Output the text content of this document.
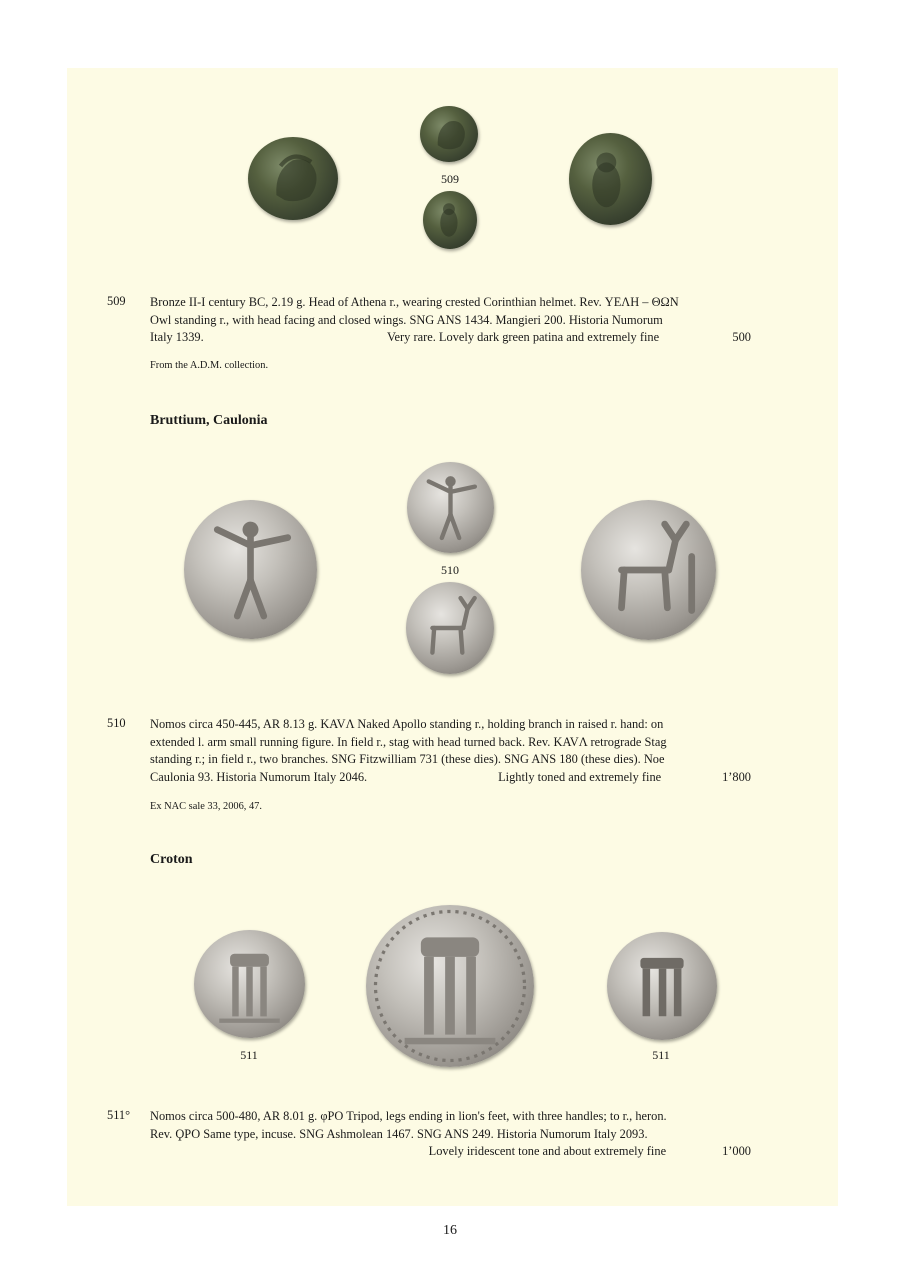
509
509 Bronze II-I century BC, 2.19 g. Head of Athena r., wearing crested Corinthian helmet. Rev. ΥΕΛΗ – ΘΩΝ
Owl standing r., with head facing and closed wings. SNG ANS 1434. Mangieri 200. Historia Numorum
Italy 1339.	Very rare. Lovely dark green patina and extremely fine	500
From the A.D.M. collection.
Bruttium, Caulonia
510
510 Nomos circa 450-445, AR 8.13 g. KAVΛ Naked Apollo standing r., holding branch in raised r. hand: on
extended l. arm small running figure. In field r., stag with head turned back. Rev. KAVΛ retrograde Stag
standing r.; in field r., two branches. SNG Fitzwilliam 731 (these dies). SNG ANS 180 (these dies). Noe
Caulonia 93. Historia Numorum Italy 2046.	Lightly toned and extremely fine	1’800
Ex NAC sale 33, 2006, 47.
Croton
511	511
511° Nomos circa 500-480, AR 8.01 g. φPO Tripod, legs ending in lion's feet, with three handles; to r., heron.
Rev. ϘPO Same type, incuse. SNG Ashmolean 1467. SNG ANS 249. Historia Numorum Italy 2093.
Lovely iridescent tone and about extremely fine	1’000
16
